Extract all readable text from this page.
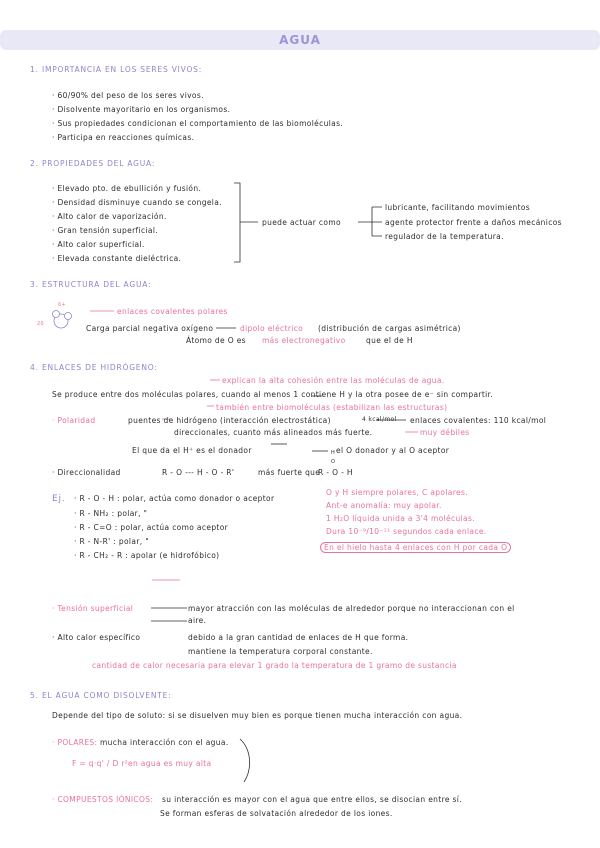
AGUA
1. IMPORTANCIA EN LOS SERES VIVOS:
· 60/90% del peso de los seres vivos.
· Disolvente mayoritario en los organismos.
· Sus propiedades condicionan el comportamiento de las biomoléculas.
· Participa en reacciones químicas.
2. PROPIEDADES DEL AGUA:
· Elevado pto. de ebullición y fusión.
· Densidad disminuye cuando se congela.
· Alto calor de vaporización.
· Gran tensión superficial.
· Alto calor superficial.
· Elevada constante dieléctrica.
puede actuar como
lubricante, facilitando movimientos
agente protector frente a daños mecánicos
regulador de la temperatura.
3. ESTRUCTURA DEL AGUA:
δ+
2δ
enlaces covalentes polares
Carga parcial negativa oxígeno	dipolo eléctrico (distribución de cargas asimétrica)
Átomo de O es más electronegativo	que el de H
4. ENLACES DE HIDRÓGENO:
explican la alta cohesión entre las moléculas de agua.
Se produce entre dos moléculas polares, cuando al menos 1 contiene H y la otra posee de e⁻ sin compartir.
también entre biomoléculas (estabilizan las estructuras)
· Polaridad	puentes de hidrógeno (interacción electrostática)	4 kcal/mol enlaces covalentes: 110 kcal/mol
muy débiles
direccionales, cuanto más alineados más fuerte.
El que da el H⁺ es el donador	el O donador y al O aceptor
· Direccionalidad	R - O --- H - O - R'	más fuerte que
R - O - H
H
O
Ej. · R - O - H : polar, actúa como donador o aceptor
· R - NH₂ : polar, "
· R - C=O : polar, actúa como aceptor
· R - N-R' : polar, "
· R - CH₂ - R : apolar (e hidrofóbico)
O y H siempre polares, C apolares.
Ant-e anomalía: muy apolar.
1 H₂O líquida unida a 3'4 moléculas.
Dura 10⁻⁹/10⁻¹¹ segundos cada enlace.
En el hielo hasta 4 enlaces con H por cada O
· Tensión superficial	mayor atracción con las moléculas de alrededor porque no interaccionan con el
aire.
· Alto calor específico	debido a la gran cantidad de enlaces de H que forma.
mantiene la temperatura corporal constante.
cantidad de calor necesaria para elevar 1 grado la temperatura de 1 gramo de sustancia
5. EL AGUA COMO DISOLVENTE:
Depende del tipo de soluto: si se disuelven muy bien es porque tienen mucha interacción con agua.
· POLARES: mucha interacción con el agua.
F = q·q' / D r² en agua es muy alta
· COMPUESTOS IÓNICOS: su interacción es mayor con el agua que entre ellos, se disocian entre sí.
Se forman esferas de solvatación alrededor de los iones.
